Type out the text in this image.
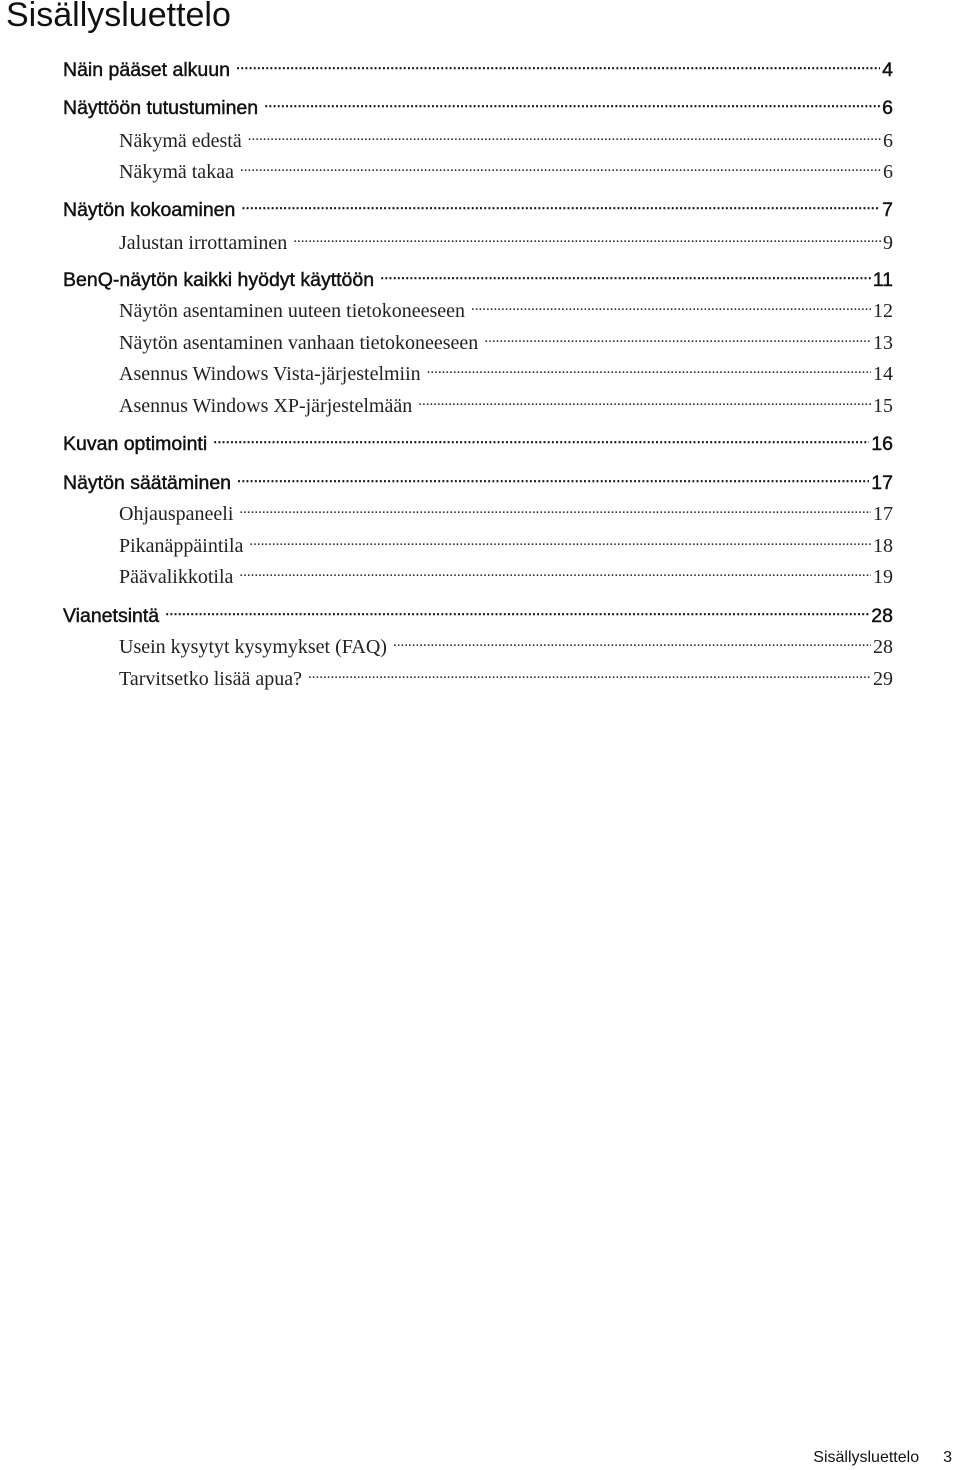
Sisällysluettelo
Näin pääset alkuun .....	4
Näyttöön tutustuminen .....	6
Näkymä edestä .....	6
Näkymä takaa .....	6
Näytön kokoaminen .....	7
Jalustan irrottaminen .....	9
BenQ-näytön kaikki hyödyt käyttöön .....	11
Näytön asentaminen uuteen tietokoneeseen .....	12
Näytön asentaminen vanhaan tietokoneeseen .....	13
Asennus Windows Vista-järjestelmiin .....	14
Asennus Windows XP-järjestelmään .....	15
Kuvan optimointi .....	16
Näytön säätäminen .....	17
Ohjauspaneeli .....	17
Pikanäppäintila .....	18
Päävalikkotila .....	19
Vianetsintä .....	28
Usein kysytyt kysymykset (FAQ) .....	28
Tarvitsetko lisää apua? .....	29
Sisällysluettelo 3
